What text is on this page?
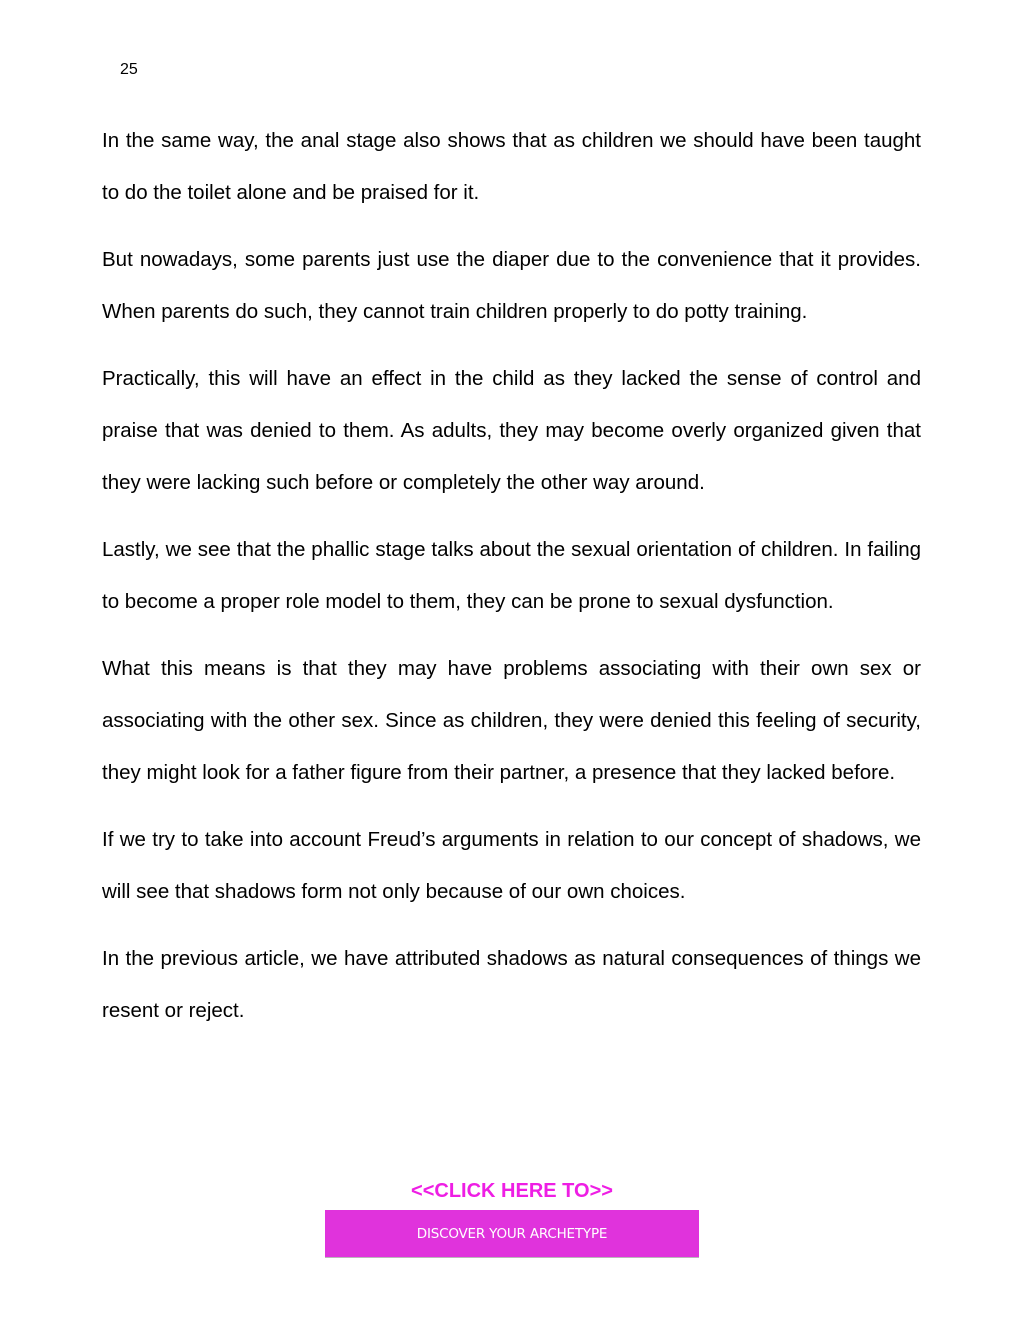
25

In the same way, the anal stage also shows that as children we should have been taught to do the toilet alone and be praised for it.

But nowadays, some parents just use the diaper due to the convenience that it provides. When parents do such, they cannot train children properly to do potty training.

Practically, this will have an effect in the child as they lacked the sense of control and praise that was denied to them. As adults, they may become overly organized given that they were lacking such before or completely the other way around.

Lastly, we see that the phallic stage talks about the sexual orientation of children. In failing to become a proper role model to them, they can be prone to sexual dysfunction.

What this means is that they may have problems associating with their own sex or associating with the other sex. Since as children, they were denied this feeling of security, they might look for a father figure from their partner, a presence that they lacked before.

If we try to take into account Freud’s arguments in relation to our concept of shadows, we will see that shadows form not only because of our own choices.

In the previous article, we have attributed shadows as natural consequences of things we resent or reject.

<<CLICK HERE TO>>
DISCOVER YOUR ARCHETYPE
